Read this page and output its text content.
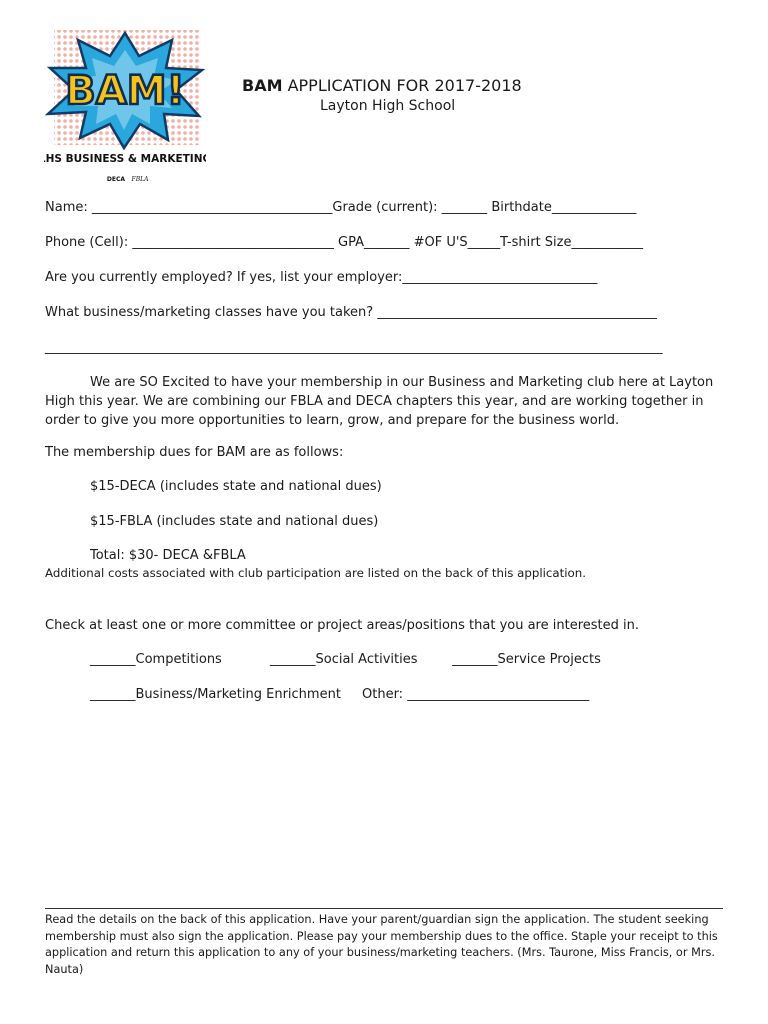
BAM!
LHS BUSINESS & MARKETING
DECA FBLA
BAM APPLICATION FOR 2017-2018
Layton High School
Name: _____________________________________Grade (current): _______ Birthdate_____________
Phone (Cell): _______________________________ GPA_______ #OF U'S_____T-shirt Size___________
Are you currently employed? If yes, list your employer:______________________________
What business/marketing classes have you taken? ___________________________________________
_______________________________________________________________________________________________
We are SO Excited to have your membership in our Business and Marketing club here at Layton High this year. We are combining our FBLA and DECA chapters this year, and are working together in order to give you more opportunities to learn, grow, and prepare for the business world.
The membership dues for BAM are as follows:
$15-DECA (includes state and national dues)
$15-FBLA (includes state and national dues)
Total: $30- DECA &FBLA
Additional costs associated with club participation are listed on the back of this application.
Check at least one or more committee or project areas/positions that you are interested in.
_______Competitions	_______Social Activities	_______Service Projects
_______Business/Marketing Enrichment Other: ____________________________
Read the details on the back of this application. Have your parent/guardian sign the application. The student seeking membership must also sign the application. Please pay your membership dues to the office. Staple your receipt to this application and return this application to any of your business/marketing teachers. (Mrs. Taurone, Miss Francis, or Mrs. Nauta)
